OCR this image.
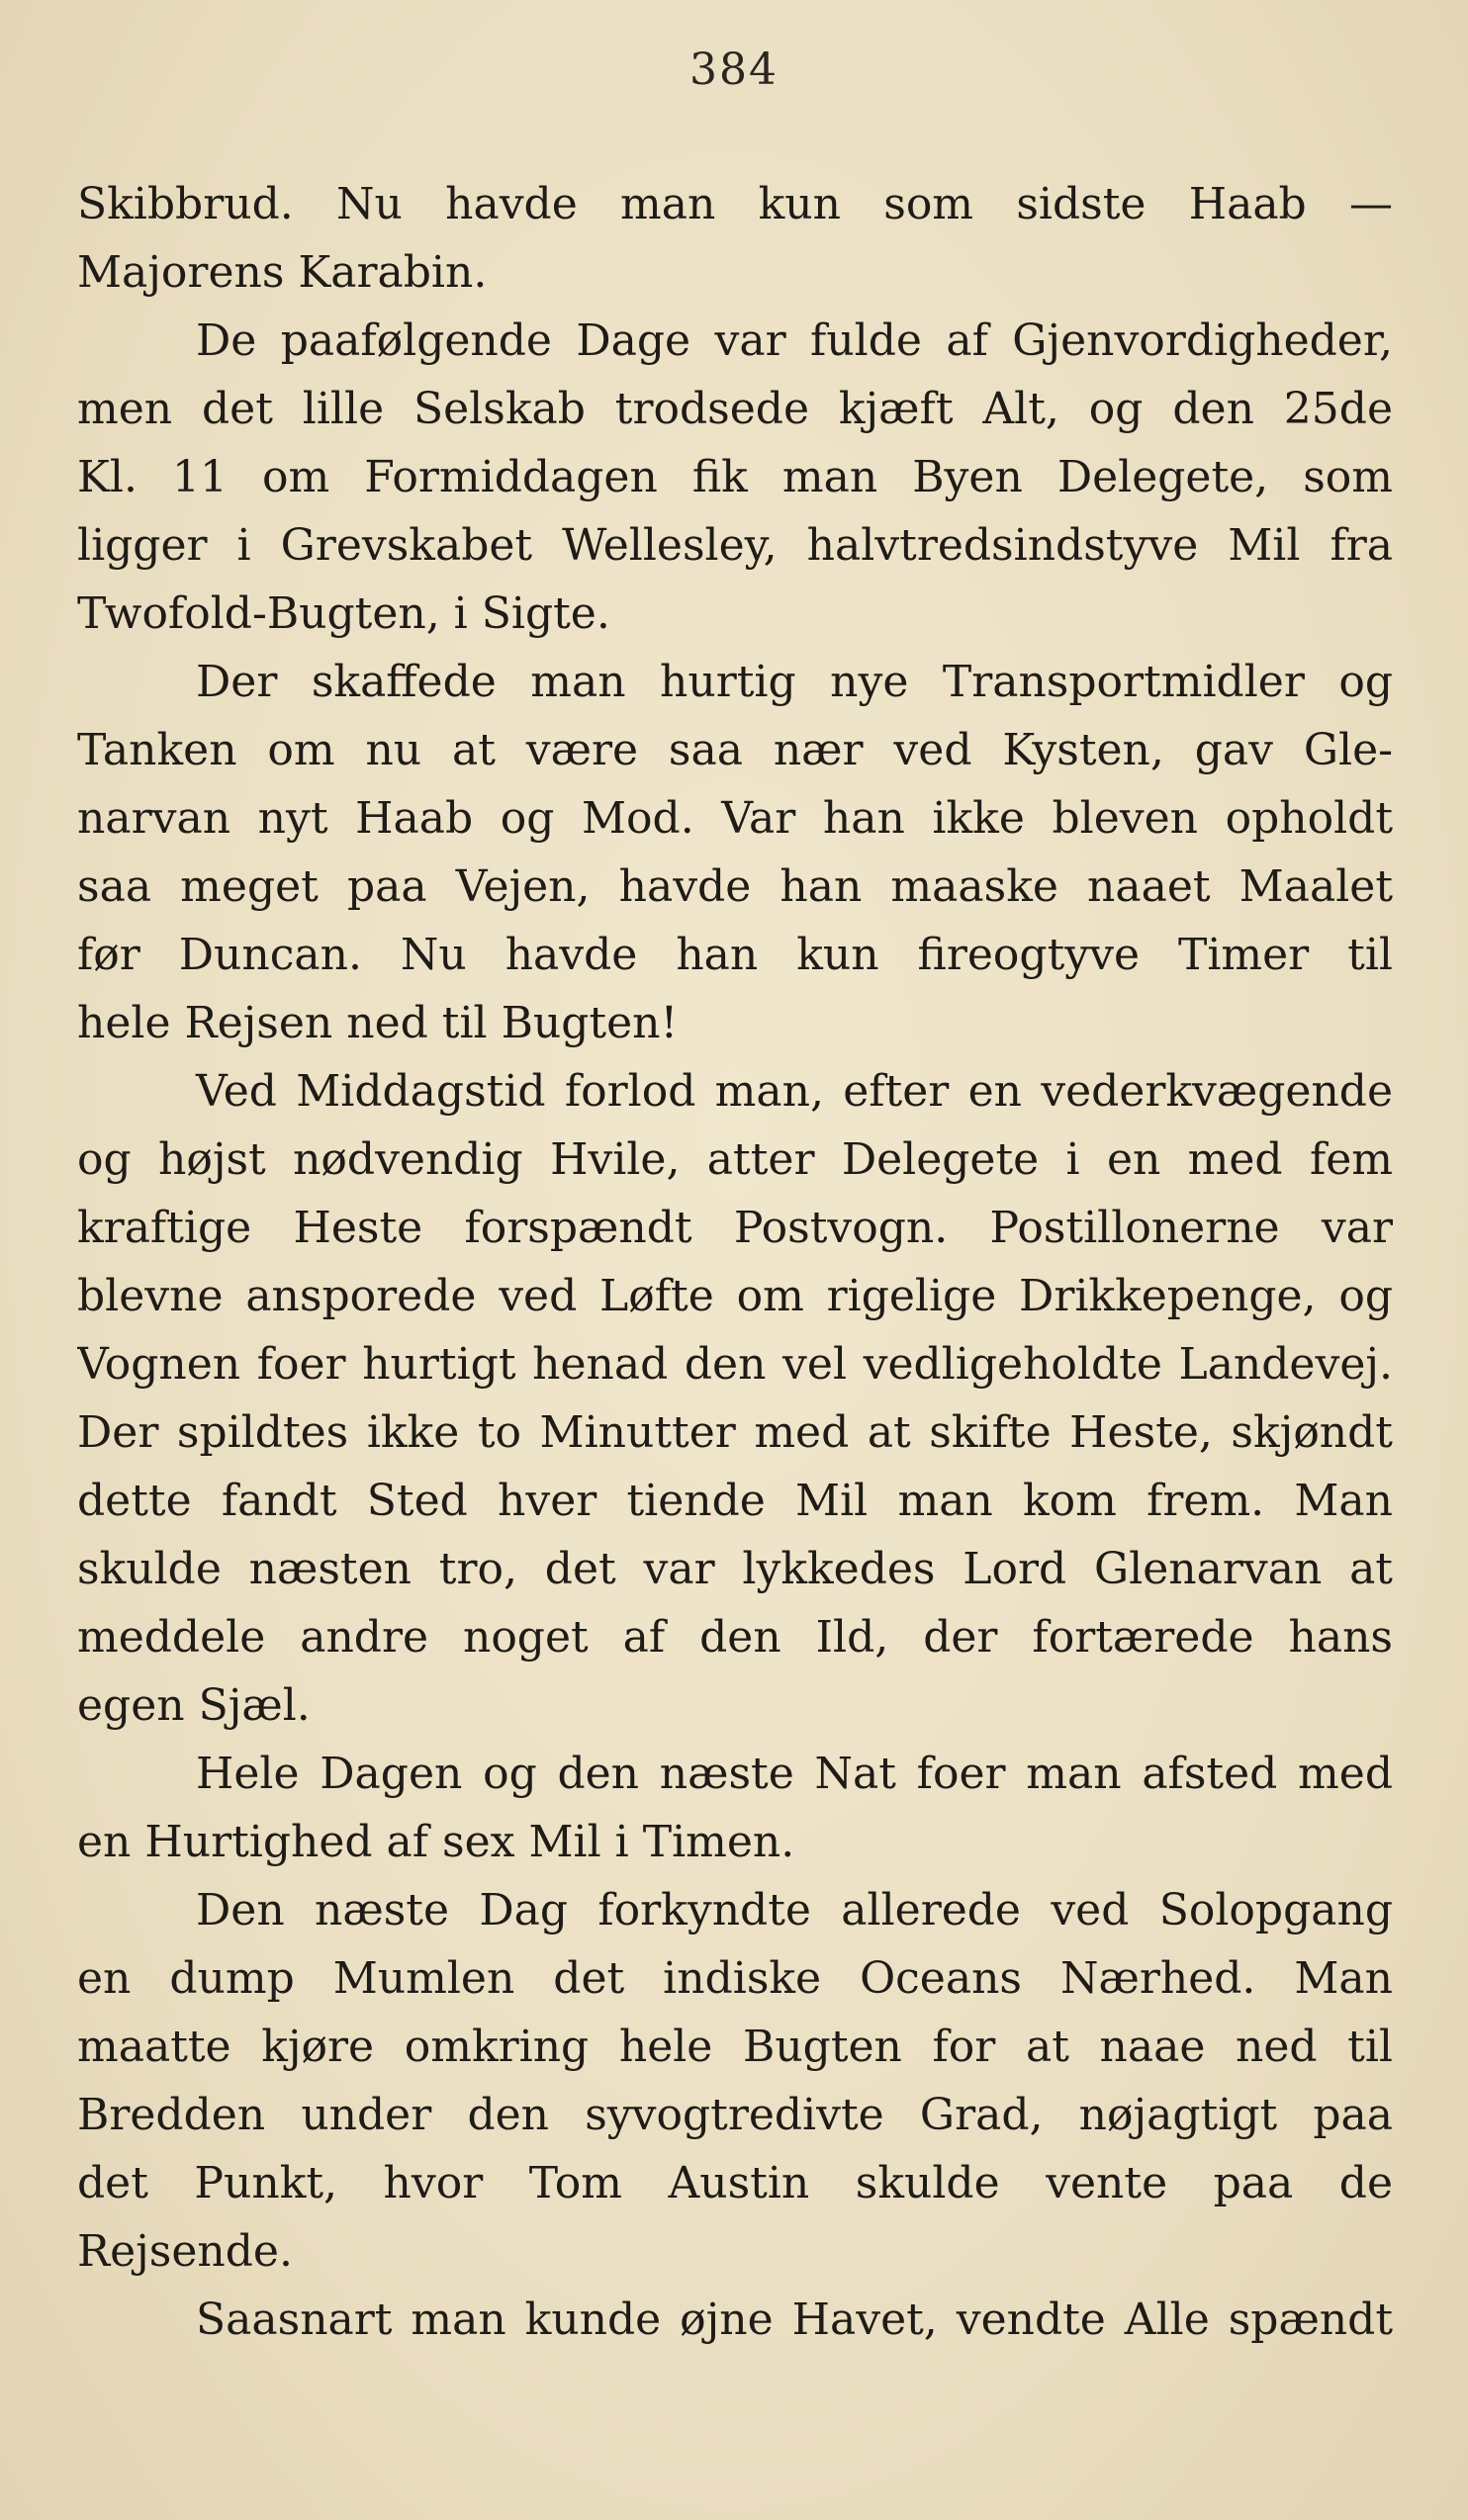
384
Skibbrud. Nu havde man kun som sidste Haab —
Majorens Karabin.
De paafølgende Dage var fulde af Gjenvordigheder,
men det lille Selskab trodsede kjæft Alt, og den 25de
Kl. 11 om Formiddagen fik man Byen Delegete, som
ligger i Grevskabet Wellesley, halvtredsindstyve Mil fra
Twofold-Bugten, i Sigte.
Der skaffede man hurtig nye Transportmidler og
Tanken om nu at være saa nær ved Kysten, gav Gle-
narvan nyt Haab og Mod. Var han ikke bleven opholdt
saa meget paa Vejen, havde han maaske naaet Maalet
før Duncan. Nu havde han kun fireogtyve Timer til
hele Rejsen ned til Bugten!
Ved Middagstid forlod man, efter en vederkvægende
og højst nødvendig Hvile, atter Delegete i en med fem
kraftige Heste forspændt Postvogn. Postillonerne var
blevne ansporede ved Løfte om rigelige Drikkepenge, og
Vognen foer hurtigt henad den vel vedligeholdte Landevej.
Der spildtes ikke to Minutter med at skifte Heste, skjøndt
dette fandt Sted hver tiende Mil man kom frem. Man
skulde næsten tro, det var lykkedes Lord Glenarvan at
meddele andre noget af den Ild, der fortærede hans
egen Sjæl.
Hele Dagen og den næste Nat foer man afsted med
en Hurtighed af sex Mil i Timen.
Den næste Dag forkyndte allerede ved Solopgang
en dump Mumlen det indiske Oceans Nærhed. Man
maatte kjøre omkring hele Bugten for at naae ned til
Bredden under den syvogtredivte Grad, nøjagtigt paa
det Punkt, hvor Tom Austin skulde vente paa de
Rejsende.
Saasnart man kunde øjne Havet, vendte Alle spændt
